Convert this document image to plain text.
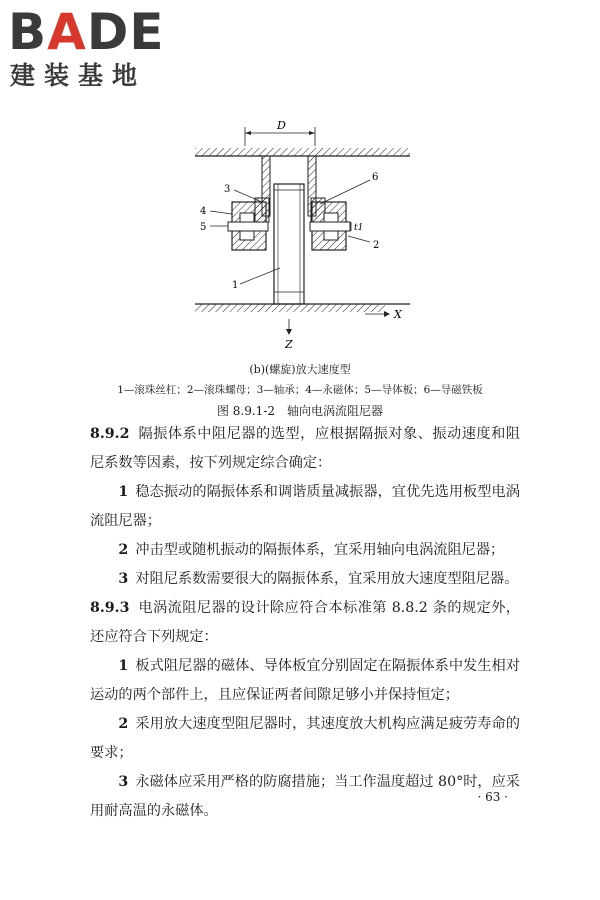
BADE
建装基地
D
t1
X
Z
3
4
5
1
2
6
(b)(螺旋)放大速度型
1—滚珠丝杠；2—滚珠螺母；3—轴承；4—永磁体；5—导体板；6—导磁铁板
图 8.9.1-2　轴向电涡流阻尼器

8.9.2 隔振体系中阻尼器的选型，应根据隔振对象、振动速度和阻尼系数等因素，按下列规定综合确定：

1 稳态振动的隔振体系和调谐质量减振器，宜优先选用板型电涡流阻尼器；

2 冲击型或随机振动的隔振体系，宜采用轴向电涡流阻尼器；

3 对阻尼系数需要很大的隔振体系，宜采用放大速度型阻尼器。

8.9.3 电涡流阻尼器的设计除应符合本标准第 8.8.2 条的规定外，还应符合下列规定：

1 板式阻尼器的磁体、导体板宜分别固定在隔振体系中发生相对运动的两个部件上，且应保证两者间隙足够小并保持恒定；

2 采用放大速度型阻尼器时，其速度放大机构应满足疲劳寿命的要求；

3 永磁体应采用严格的防腐措施；当工作温度超过 80°时，应采用耐高温的永磁体。

· 63 ·
